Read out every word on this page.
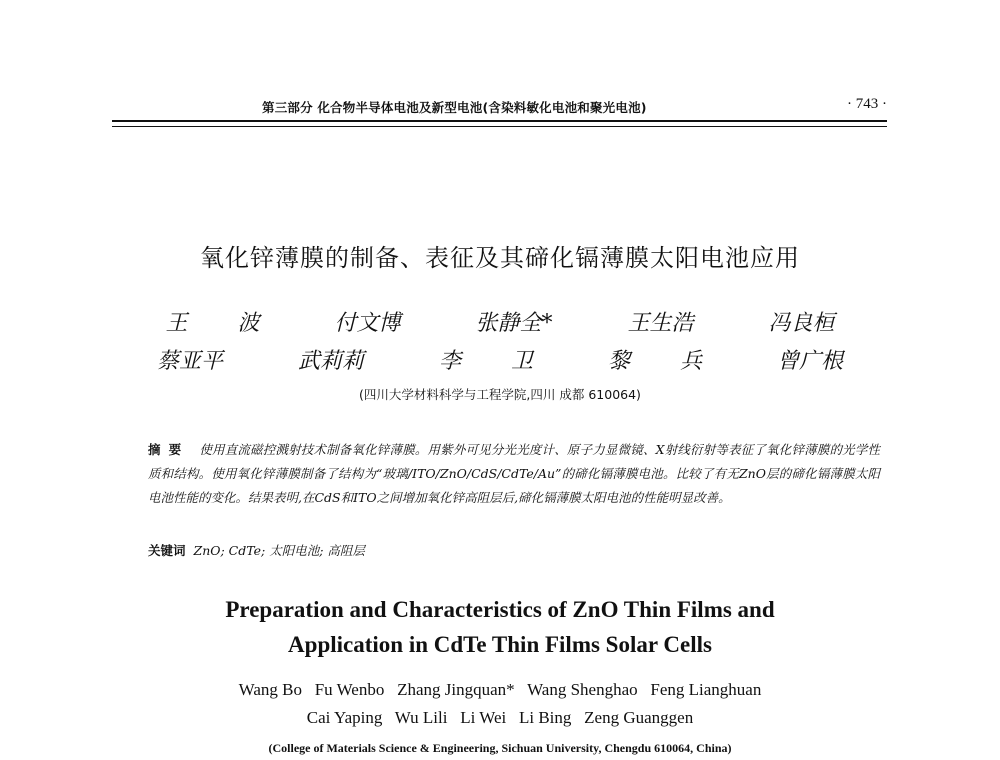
第三部分 化合物半导体电池及新型电池(含染料敏化电池和聚光电池)	· 743 ·
氧化锌薄膜的制备、表征及其碲化镉薄膜太阳电池应用
王  波   付文博   张静全*   王生浩   冯良桓
蔡亚平   武莉莉   李  卫   黎  兵   曾广根
(四川大学材料科学与工程学院,四川 成都 610064)
摘要 使用直流磁控溅射技术制备氧化锌薄膜。用紫外可见分光光度计、原子力显微镜、X射线衍射等表征了氧化锌薄膜的光学性质和结构。使用氧化锌薄膜制备了结构为“玻璃/ITO/ZnO/CdS/CdTe/Au”的碲化镉薄膜电池。比较了有无ZnO层的碲化镉薄膜太阳电池性能的变化。结果表明,在CdS和ITO之间增加氧化锌高阻层后,碲化镉薄膜太阳电池的性能明显改善。
关键词 ZnO; CdTe; 太阳电池; 高阻层
Preparation and Characteristics of ZnO Thin Films and
Application in CdTe Thin Films Solar Cells
Wang Bo   Fu Wenbo   Zhang Jingquan*   Wang Shenghao   Feng Lianghuan
Cai Yaping   Wu Lili   Li Wei   Li Bing   Zeng Guanggen
(College of Materials Science & Engineering, Sichuan University, Chengdu 610064, China)
